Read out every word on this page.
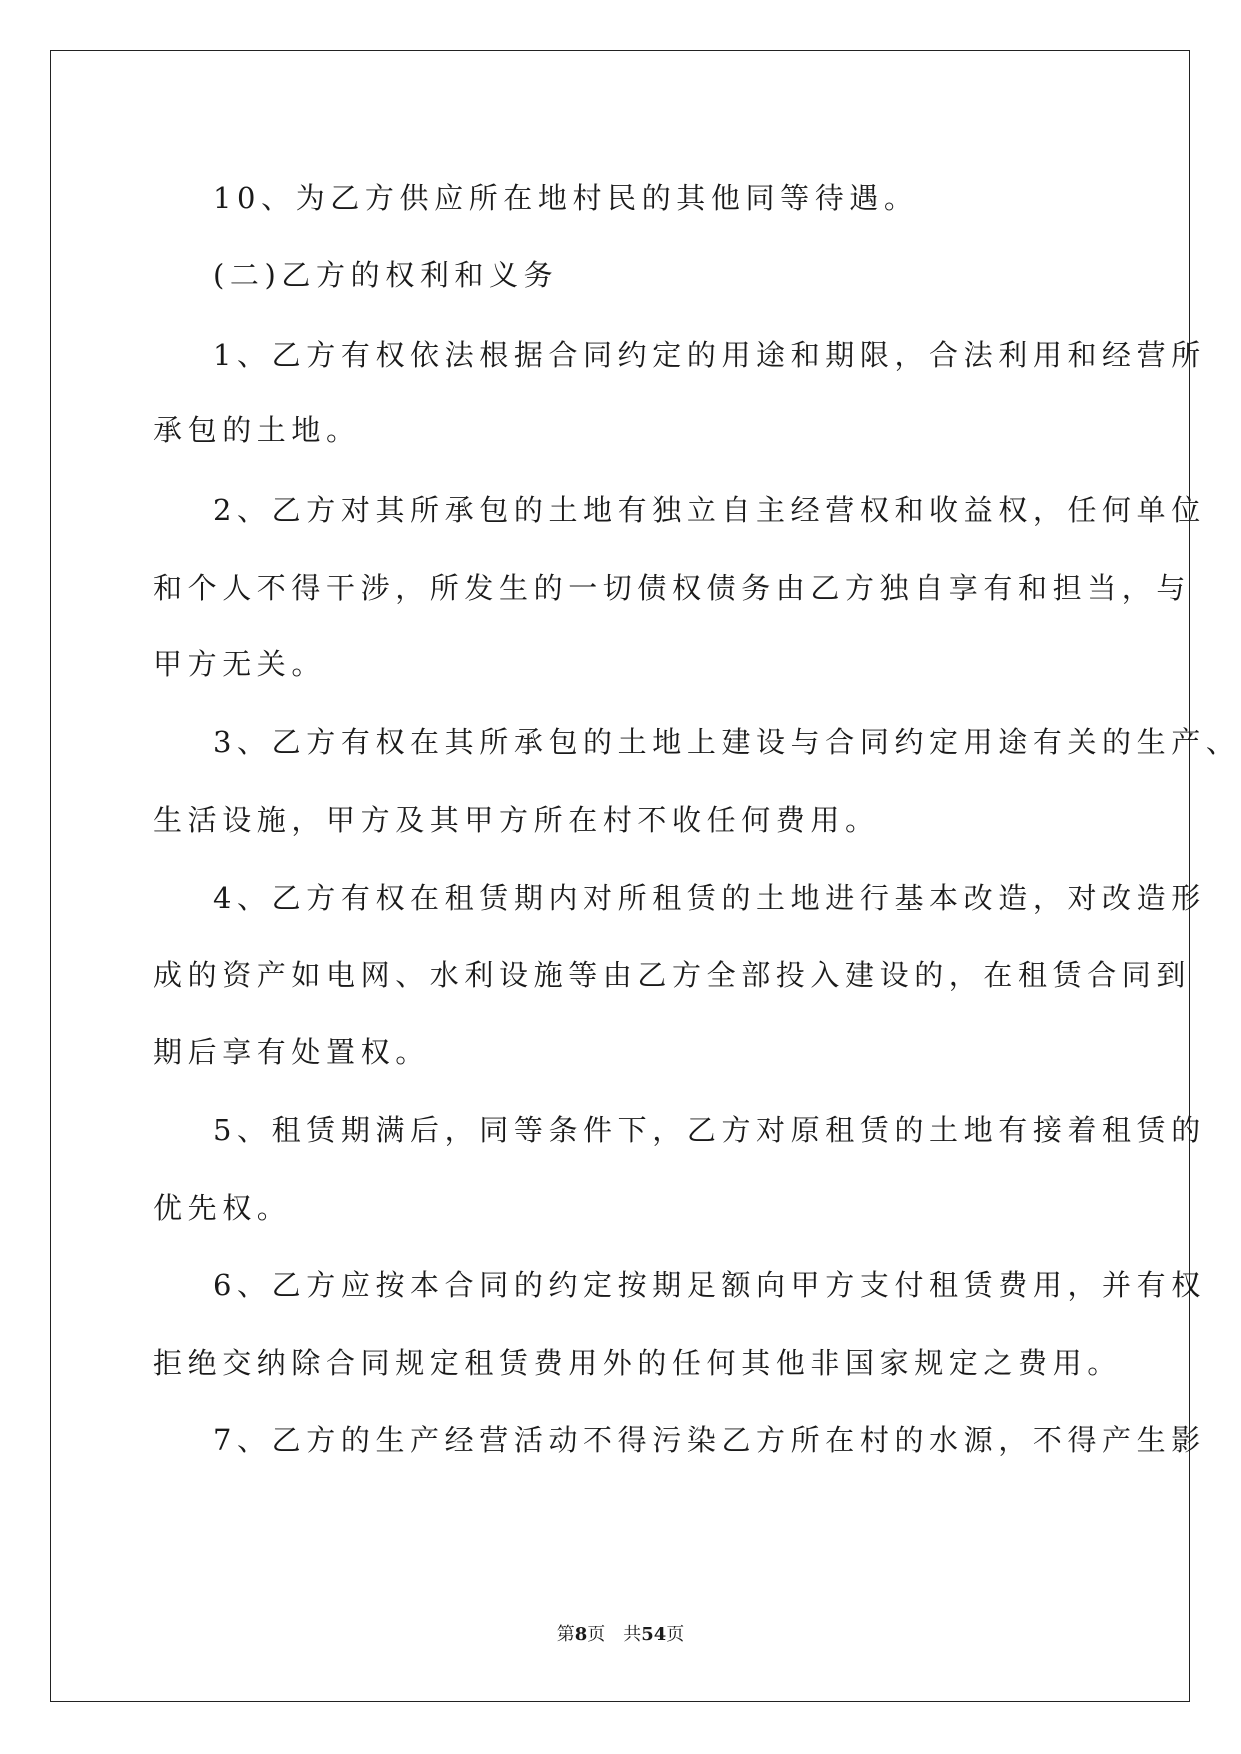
10、为乙方供应所在地村民的其他同等待遇。
(二)乙方的权利和义务
1、乙方有权依法根据合同约定的用途和期限，合法利用和经营所
承包的土地。
2、乙方对其所承包的土地有独立自主经营权和收益权，任何单位
和个人不得干涉，所发生的一切债权债务由乙方独自享有和担当，与
甲方无关。
3、乙方有权在其所承包的土地上建设与合同约定用途有关的生产、
生活设施，甲方及其甲方所在村不收任何费用。
4、乙方有权在租赁期内对所租赁的土地进行基本改造，对改造形
成的资产如电网、水利设施等由乙方全部投入建设的，在租赁合同到
期后享有处置权。
5、租赁期满后，同等条件下，乙方对原租赁的土地有接着租赁的
优先权。
6、乙方应按本合同的约定按期足额向甲方支付租赁费用，并有权
拒绝交纳除合同规定租赁费用外的任何其他非国家规定之费用。
7、乙方的生产经营活动不得污染乙方所在村的水源，不得产生影
第8页 共54页
